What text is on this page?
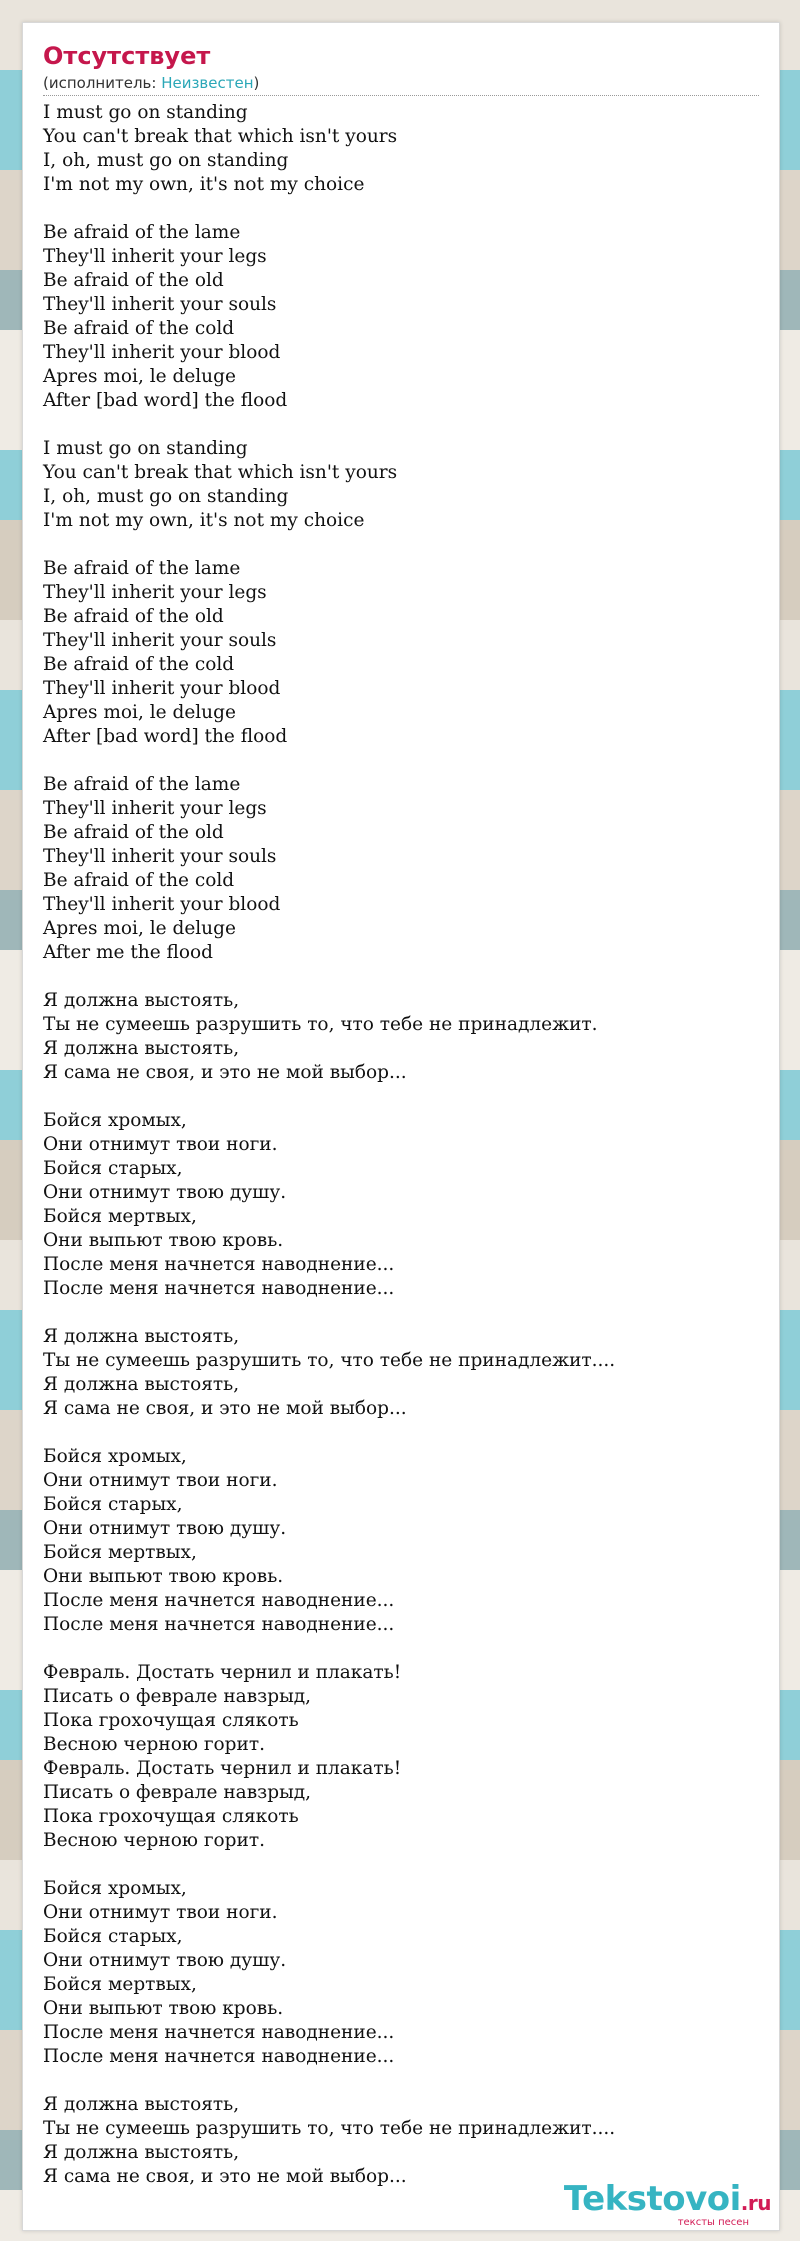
Отсутствует
(исполнитель: Неизвестен)
I must go on standing
You can't break that which isn't yours
I, oh, must go on standing
I'm not my own, it's not my choice
Be afraid of the lame
They'll inherit your legs
Be afraid of the old
They'll inherit your souls
Be afraid of the cold
They'll inherit your blood
Apres moi, le deluge
After [bad word] the flood
I must go on standing
You can't break that which isn't yours
I, oh, must go on standing
I'm not my own, it's not my choice
Be afraid of the lame
They'll inherit your legs
Be afraid of the old
They'll inherit your souls
Be afraid of the cold
They'll inherit your blood
Apres moi, le deluge
After [bad word] the flood
Be afraid of the lame
They'll inherit your legs
Be afraid of the old
They'll inherit your souls
Be afraid of the cold
They'll inherit your blood
Apres moi, le deluge
After me the flood
Я должна выстоять,
Ты не сумеешь разрушить то, что тебе не принадлежит.
Я должна выстоять,
Я сама не своя, и это не мой выбор...
Бойся хромых,
Они отнимут твои ноги.
Бойся старых,
Они отнимут твою душу.
Бойся мертвых,
Они выпьют твою кровь.
После меня начнется наводнение...
После меня начнется наводнение...
Я должна выстоять,
Ты не сумеешь разрушить то, что тебе не принадлежит....
Я должна выстоять,
Я сама не своя, и это не мой выбор...
Бойся хромых,
Они отнимут твои ноги.
Бойся старых,
Они отнимут твою душу.
Бойся мертвых,
Они выпьют твою кровь.
После меня начнется наводнение...
После меня начнется наводнение...
Февраль. Достать чернил и плакать!
Писать о феврале навзрыд,
Пока грохочущая слякоть
Весною черною горит.
Февраль. Достать чернил и плакать!
Писать о феврале навзрыд,
Пока грохочущая слякоть
Весною черною горит.
Бойся хромых,
Они отнимут твои ноги.
Бойся старых,
Они отнимут твою душу.
Бойся мертвых,
Они выпьют твою кровь.
После меня начнется наводнение...
После меня начнется наводнение...
Я должна выстоять,
Ты не сумеешь разрушить то, что тебе не принадлежит....
Я должна выстоять,
Я сама не своя, и это не мой выбор...
Tekstovoi.ru
тексты песен
